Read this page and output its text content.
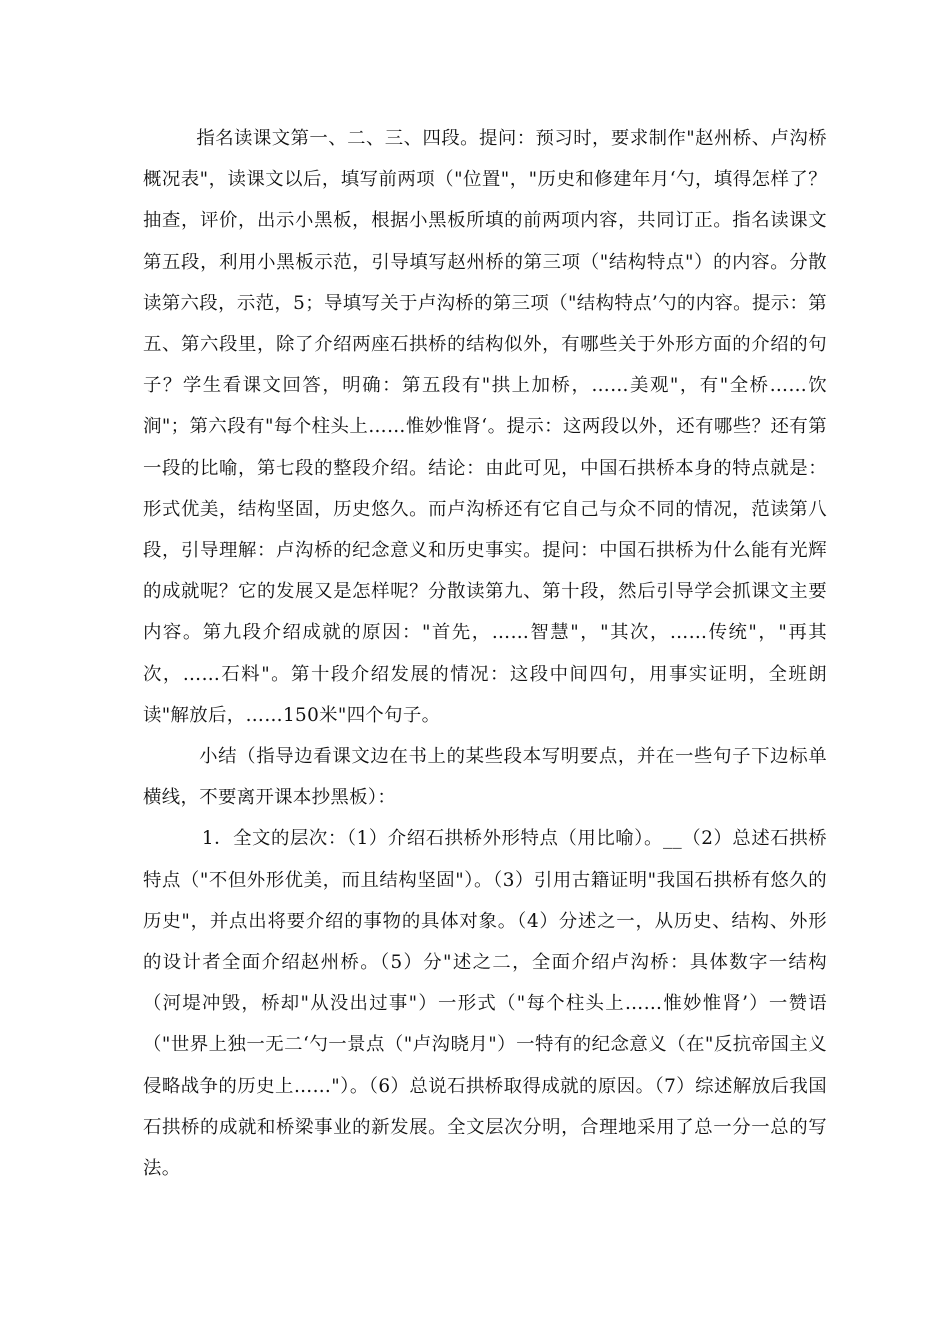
指名读课文第一、二、三、四段。提问：预习时，要求制作"赵州桥、卢沟桥概况表"，读课文以后，填写前两项（"位置"，"历史和修建年月‘勺，填得怎样了？抽查，评价，出示小黑板，根据小黑板所填的前两项内容，共同订正。指名读课文第五段，利用小黑板示范，引导填写赵州桥的第三项（"结构特点"）的内容。分散读第六段，示范，5；导填写关于卢沟桥的第三项（"结构特点’勺的内容。提示：第五、第六段里，除了介绍两座石拱桥的结构似外，有哪些关于外形方面的介绍的句子？学生看课文回答，明确：第五段有"拱上加桥，……美观"，有"全桥……饮涧"；第六段有"每个柱头上……惟妙惟肾‘。提示：这两段以外，还有哪些？还有第一段的比喻，第七段的整段介绍。结论：由此可见，中国石拱桥本身的特点就是：形式优美，结构坚固，历史悠久。而卢沟桥还有它自己与众不同的情况，范读第八段，引导理解：卢沟桥的纪念意义和历史事实。提问：中国石拱桥为什么能有光辉的成就呢？它的发展又是怎样呢？分散读第九、第十段，然后引导学会抓课文主要内容。第九段介绍成就的原因："首先，……智慧"，"其次，……传统"，"再其次，……石料"。第十段介绍发展的情况：这段中间四句，用事实证明，全班朗读"解放后，……150米"四个句子。

小结（指导边看课文边在书上的某些段本写明要点，并在一些句子下边标单横线，不要离开课本抄黑板）：

1．全文的层次：（1）介绍石拱桥外形特点（用比喻）。__（2）总述石拱桥特点（"不但外形优美，而且结构坚固"）。（3）引用古籍证明"我国石拱桥有悠久的历史"，并点出将要介绍的事物的具体对象。（4）分述之一，从历史、结构、外形的设计者全面介绍赵州桥。（5）分"述之二，全面介绍卢沟桥：具体数字一结构（河堤冲毁，桥却"从没出过事"）一形式（"每个柱头上……惟妙惟肾’）一赞语（"世界上独一无二‘勺一景点（"卢沟晓月"）一特有的纪念意义（在"反抗帝国主义侵略战争的历史上……"）。（6）总说石拱桥取得成就的原因。（7）综述解放后我国石拱桥的成就和桥梁事业的新发展。全文层次分明，合理地采用了总一分一总的写法。
